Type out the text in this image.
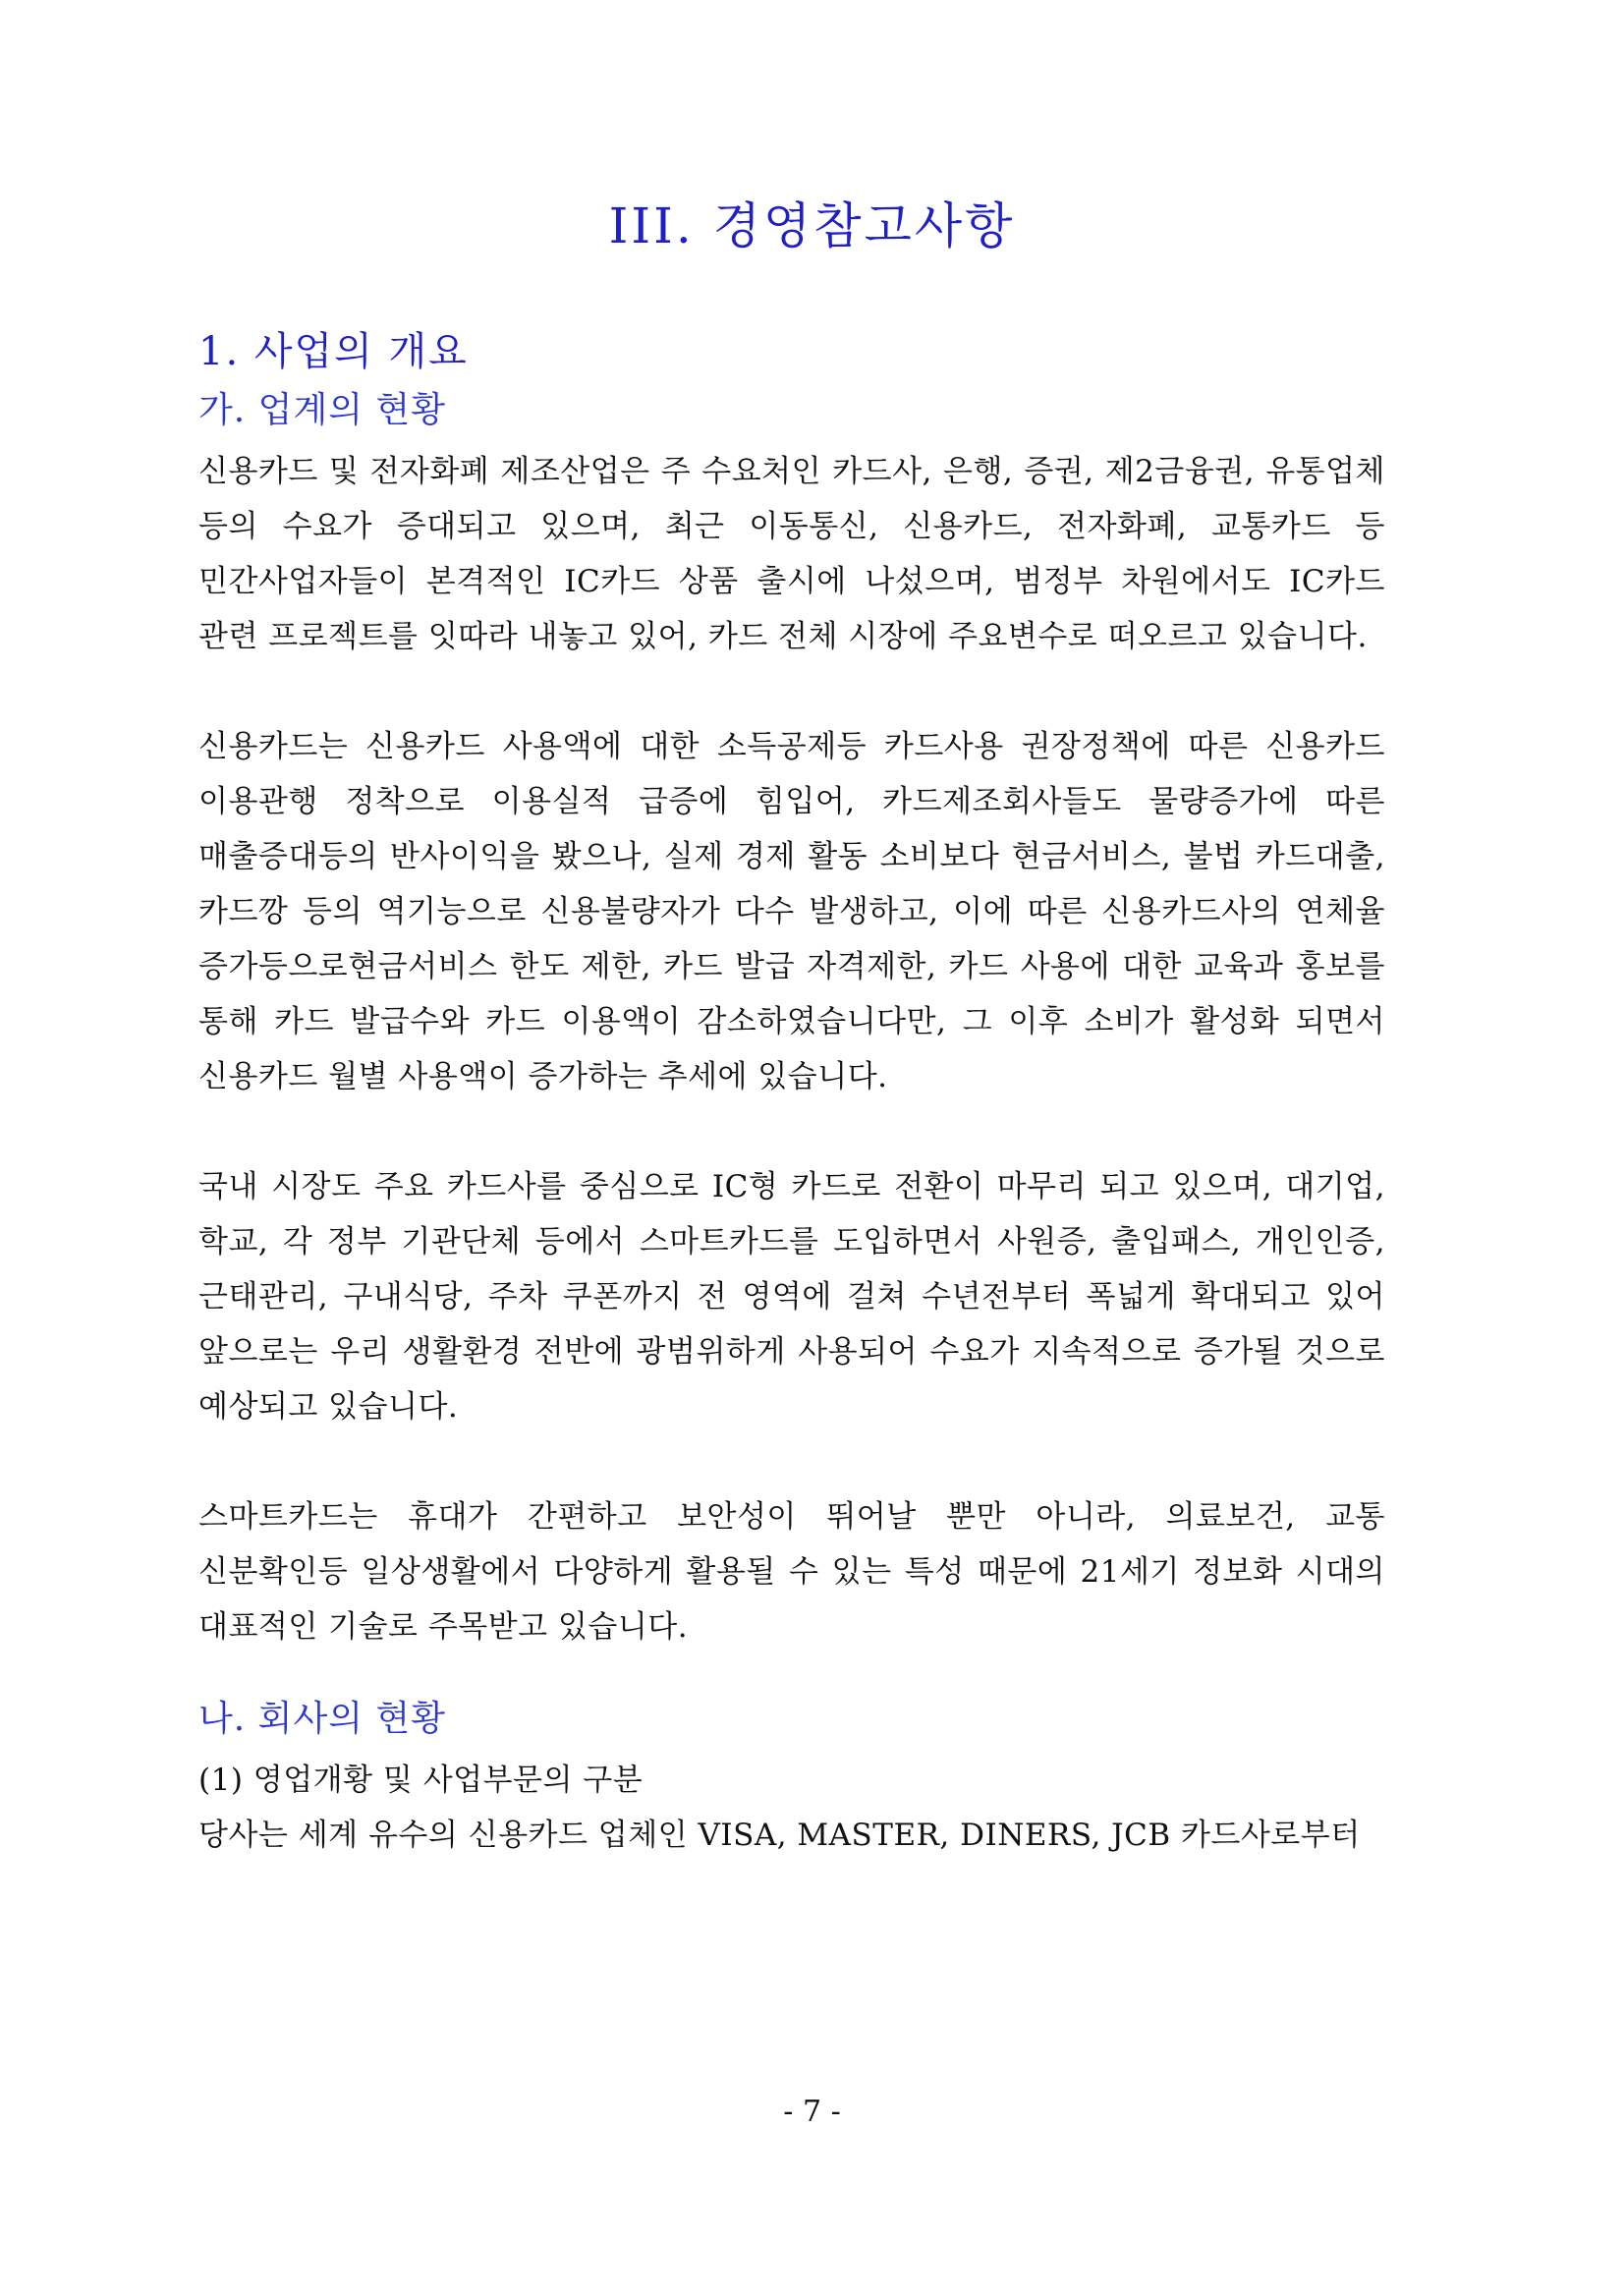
III. 경영참고사항
1. 사업의 개요
가. 업계의 현황

신용카드 및 전자화폐 제조산업은 주 수요처인 카드사, 은행, 증권, 제2금융권, 유통업체 등의 수요가 증대되고 있으며, 최근 이동통신, 신용카드, 전자화폐, 교통카드 등 민간사업자들이 본격적인 IC카드 상품 출시에 나섰으며, 범정부 차원에서도 IC카드 관련 프로젝트를 잇따라 내놓고 있어, 카드 전체 시장에 주요변수로 떠오르고 있습니다.

신용카드는 신용카드 사용액에 대한 소득공제등 카드사용 권장정책에 따른 신용카드 이용관행 정착으로 이용실적 급증에 힘입어, 카드제조회사들도 물량증가에 따른 매출증대등의 반사이익을 봤으나, 실제 경제 활동 소비보다 현금서비스, 불법 카드대출, 카드깡 등의 역기능으로 신용불량자가 다수 발생하고, 이에 따른 신용카드사의 연체율 증가등으로현금서비스 한도 제한, 카드 발급 자격제한, 카드 사용에 대한 교육과 홍보를 통해 카드 발급수와 카드 이용액이 감소하였습니다만, 그 이후 소비가 활성화 되면서 신용카드 월별 사용액이 증가하는 추세에 있습니다.

국내 시장도 주요 카드사를 중심으로 IC형 카드로 전환이 마무리 되고 있으며, 대기업, 학교, 각 정부 기관단체 등에서 스마트카드를 도입하면서 사원증, 출입패스, 개인인증, 근태관리, 구내식당, 주차 쿠폰까지 전 영역에 걸쳐 수년전부터 폭넓게 확대되고 있어 앞으로는 우리 생활환경 전반에 광범위하게 사용되어 수요가 지속적으로 증가될 것으로 예상되고 있습니다.

스마트카드는 휴대가 간편하고 보안성이 뛰어날 뿐만 아니라, 의료보건, 교통 신분확인등 일상생활에서 다양하게 활용될 수 있는 특성 때문에 21세기 정보화 시대의 대표적인 기술로 주목받고 있습니다.

나. 회사의 현황

(1) 영업개황 및 사업부문의 구분

당사는 세계 유수의 신용카드 업체인 VISA, MASTER, DINERS, JCB 카드사로부터

- 7 -
